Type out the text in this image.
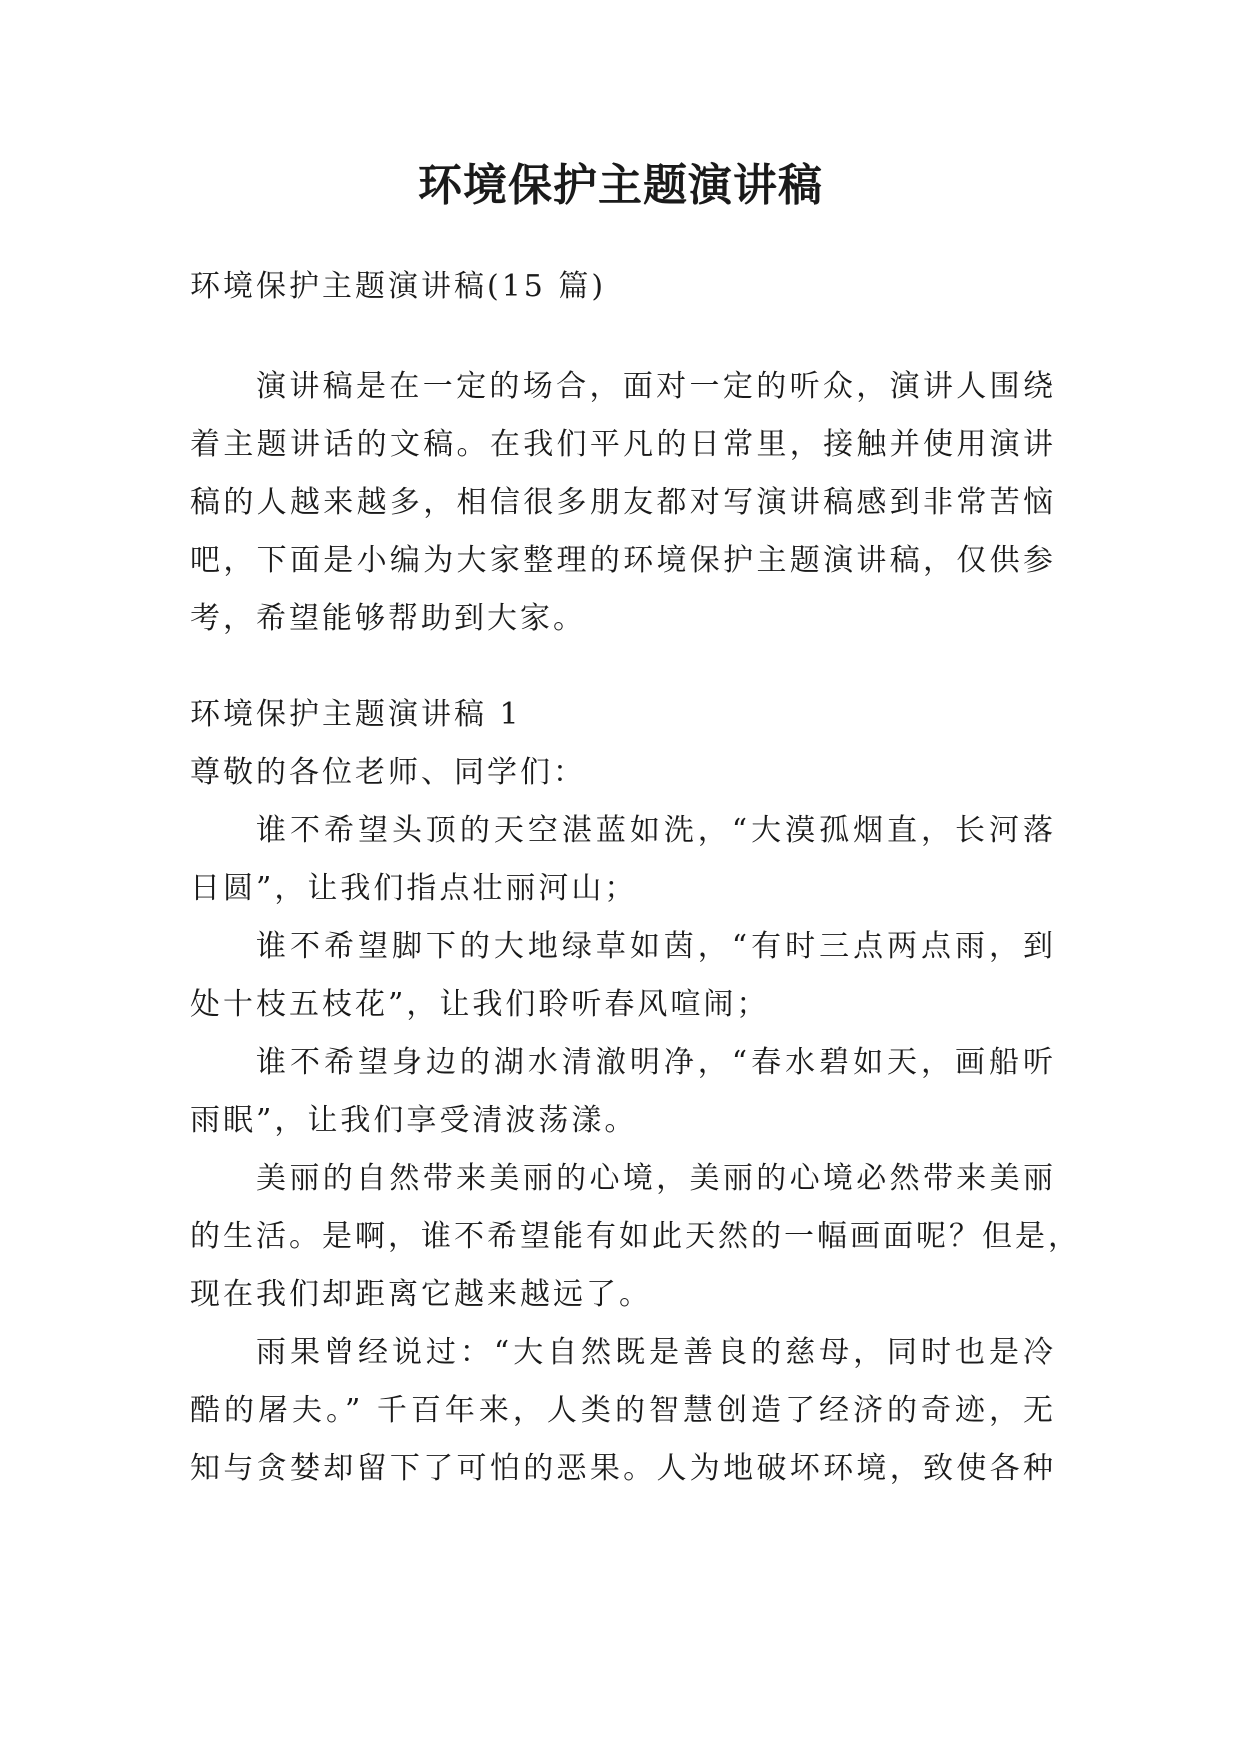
环境保护主题演讲稿
环境保护主题演讲稿(15 篇)
演讲稿是在一定的场合，面对一定的听众，演讲人围绕
着主题讲话的文稿。在我们平凡的日常里，接触并使用演讲
稿的人越来越多，相信很多朋友都对写演讲稿感到非常苦恼
吧，下面是小编为大家整理的环境保护主题演讲稿，仅供参
考，希望能够帮助到大家。
环境保护主题演讲稿 1
尊敬的各位老师、同学们：
谁不希望头顶的天空湛蓝如洗，“大漠孤烟直，长河落
日圆”，让我们指点壮丽河山；
谁不希望脚下的大地绿草如茵，“有时三点两点雨，到
处十枝五枝花”，让我们聆听春风喧闹；
谁不希望身边的湖水清澈明净，“春水碧如天，画船听
雨眠”，让我们享受清波荡漾。
美丽的自然带来美丽的心境，美丽的心境必然带来美丽
的生活。是啊，谁不希望能有如此天然的一幅画面呢？但是，
现在我们却距离它越来越远了。
雨果曾经说过：“大自然既是善良的慈母，同时也是冷
酷的屠夫。” 千百年来，人类的智慧创造了经济的奇迹，无
知与贪婪却留下了可怕的恶果。人为地破坏环境，致使各种
